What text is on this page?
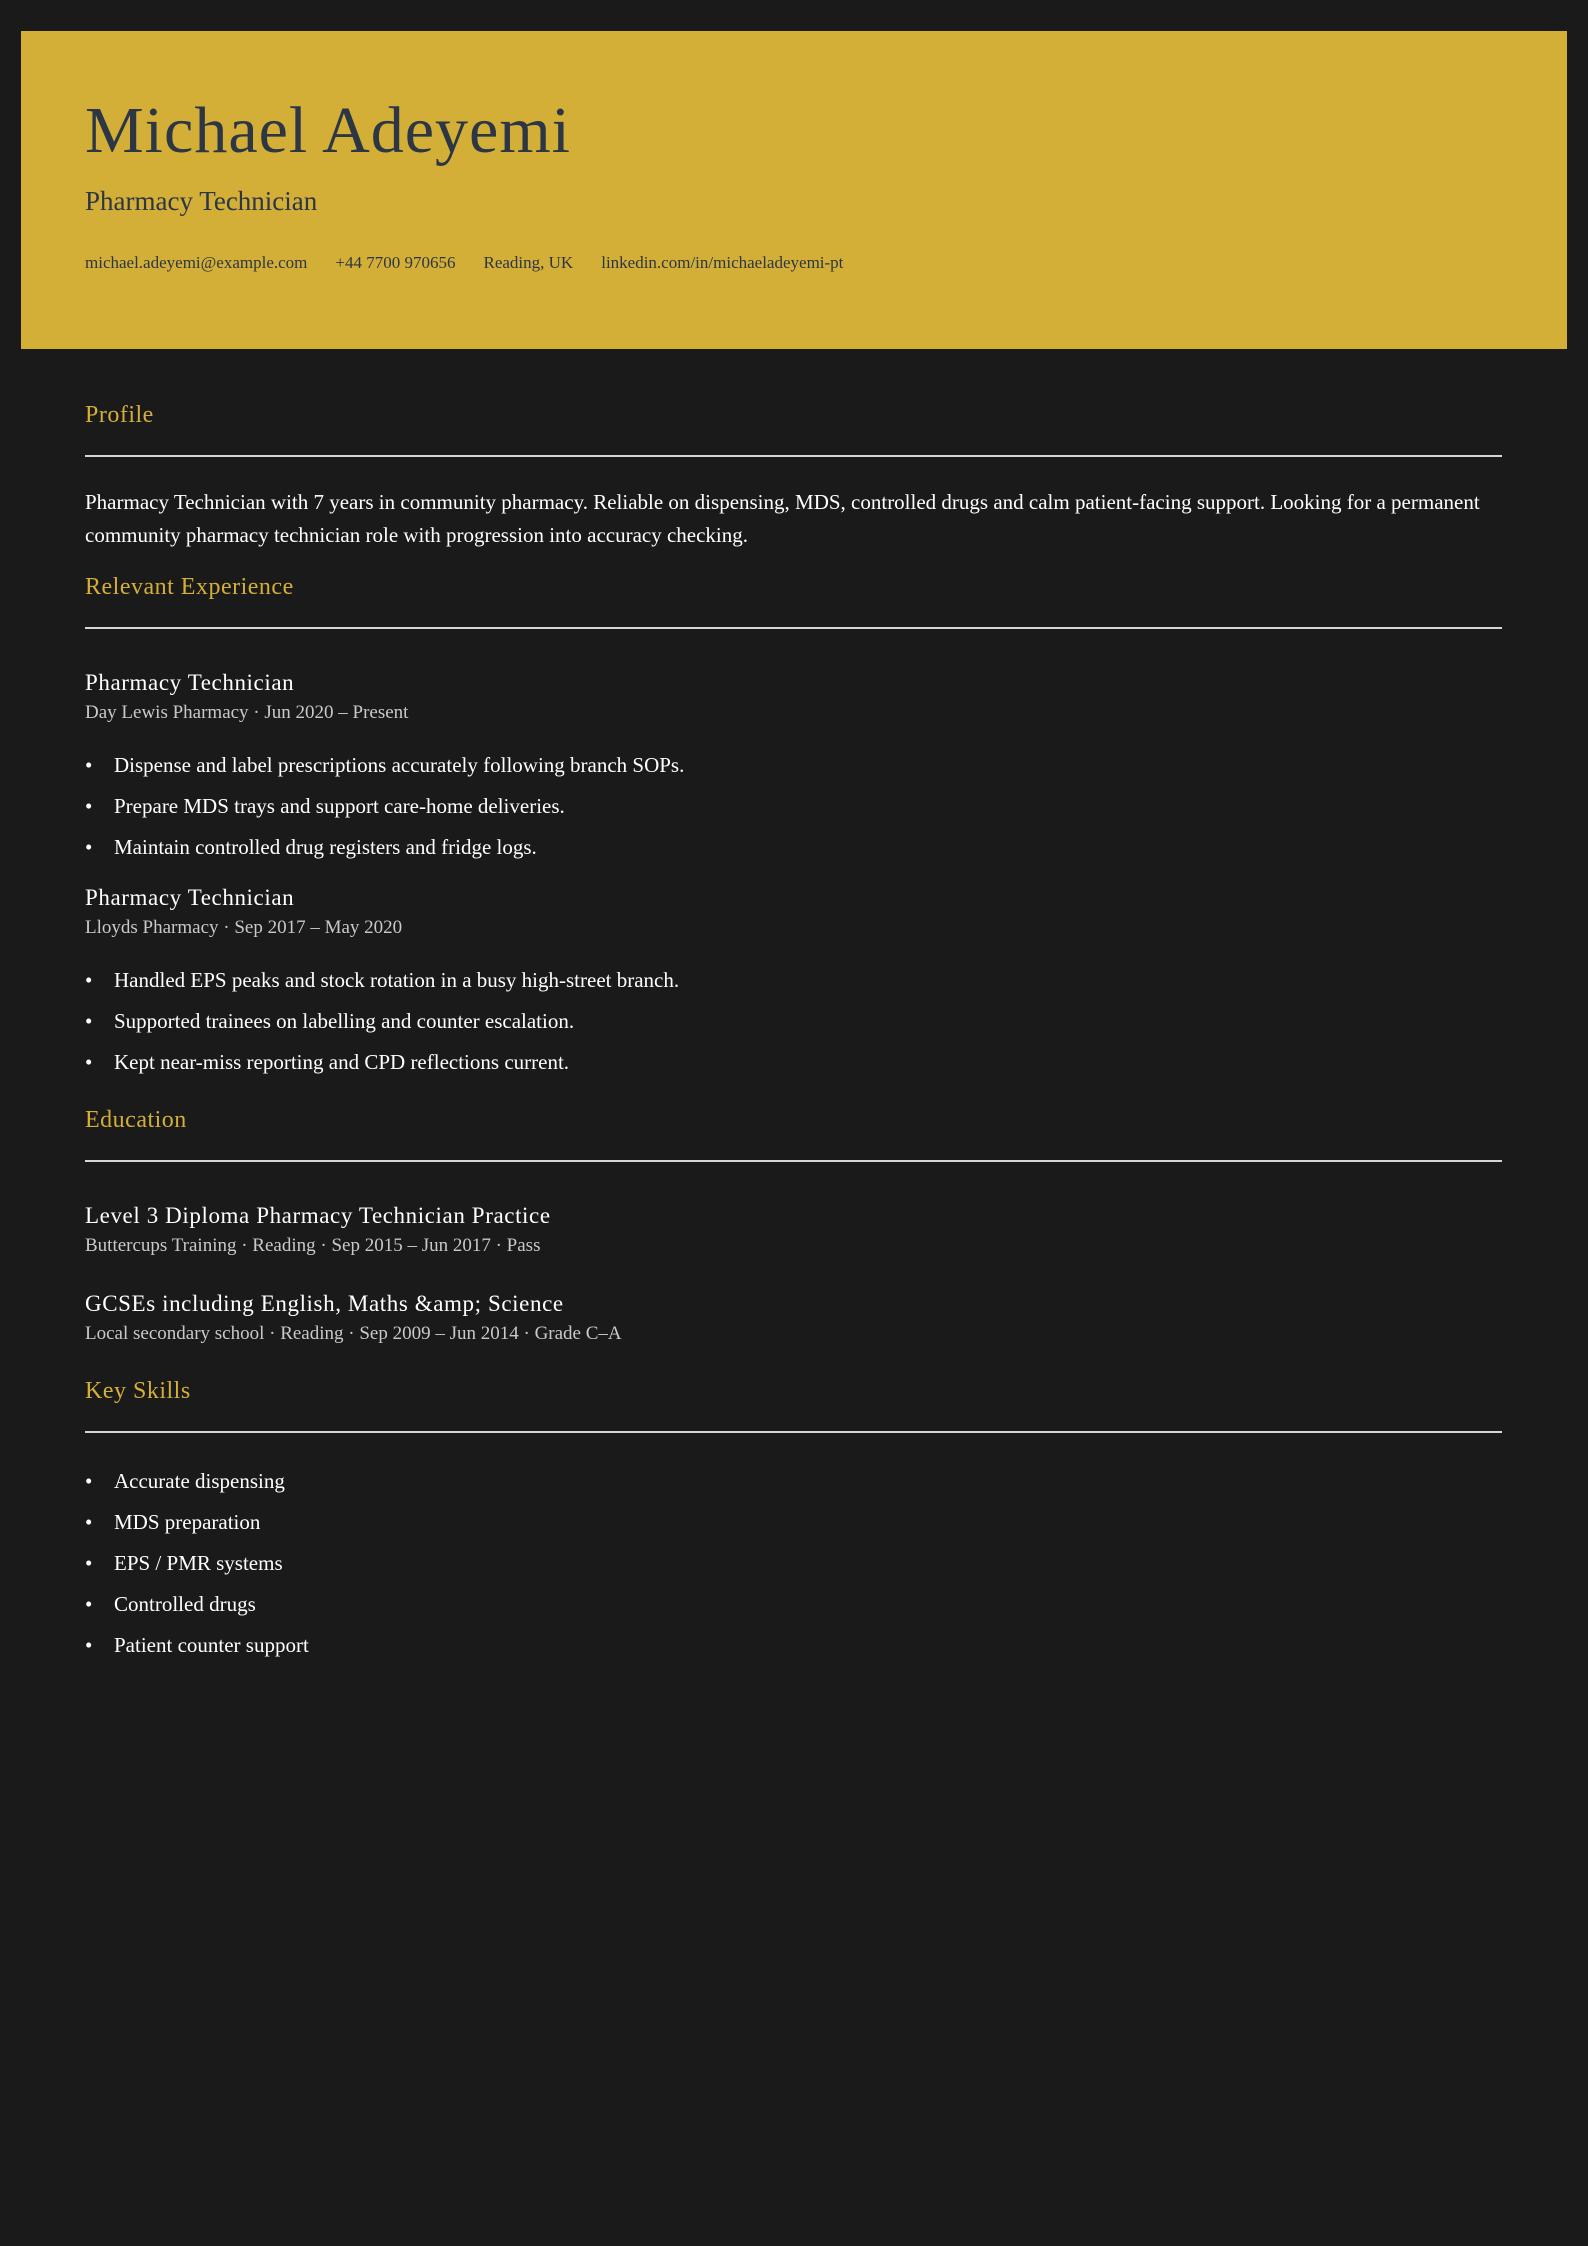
Michael Adeyemi
Pharmacy Technician
michael.adeyemi@example.com +44 7700 970656 Reading, UK linkedin.com/in/michaeladeyemi-pt
Profile

Pharmacy Technician with 7 years in community pharmacy. Reliable on dispensing, MDS, controlled drugs and calm patient-facing support. Looking for a permanent community pharmacy technician role with progression into accuracy checking.

Relevant Experience
Pharmacy Technician

Day Lewis Pharmacy · Jun 2020 – Present

• Dispense and label prescriptions accurately following branch SOPs.
• Prepare MDS trays and support care-home deliveries.
• Maintain controlled drug registers and fridge logs.
Pharmacy Technician

Lloyds Pharmacy · Sep 2017 – May 2020

• Handled EPS peaks and stock rotation in a busy high-street branch.
• Supported trainees on labelling and counter escalation.
• Kept near-miss reporting and CPD reflections current.
Education
Level 3 Diploma Pharmacy Technician Practice

Buttercups Training · Reading · Sep 2015 – Jun 2017 · Pass

GCSEs including English, Maths &amp; Science

Local secondary school · Reading · Sep 2009 – Jun 2014 · Grade C–A

Key Skills
• Accurate dispensing
• MDS preparation
• EPS / PMR systems
• Controlled drugs
• Patient counter support
